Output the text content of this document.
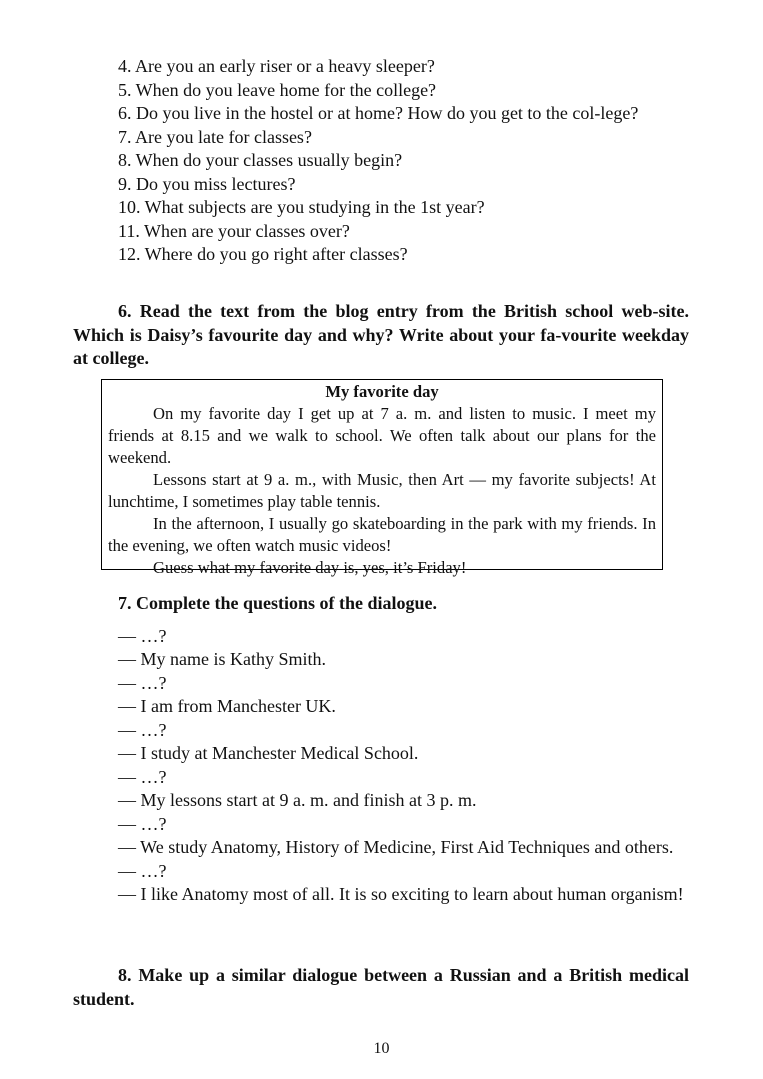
4. Are you an early riser or a heavy sleeper?

5. When do you leave home for the college?

6. Do you live in the hostel or at home? How do you get to the col-lege?

7. Are you late for classes?

8. When do your classes usually begin?

9. Do you miss lectures?

10. What subjects are you studying in the 1st year?

11. When are your classes over?

12. Where do you go right after classes?

6. Read the text from the blog entry from the British school web-site. Which is Daisy’s favourite day and why? Write about your fa-vourite weekday at college.

My favorite day

On my favorite day I get up at 7 a. m. and listen to music. I meet my friends at 8.15 and we walk to school. We often talk about our plans for the weekend.

Lessons start at 9 a. m., with Music, then Art — my favorite subjects! At lunchtime, I sometimes play table tennis.

In the afternoon, I usually go skateboarding in the park with my friends. In the evening, we often watch music videos!

Guess what my favorite day is, yes, it’s Friday!

7. Complete the questions of the dialogue.

— …?

— My name is Kathy Smith.

— …?

— I am from Manchester UK.

— …?

— I study at Manchester Medical School.

— …?

— My lessons start at 9 a. m. and finish at 3 p. m.

— …?

— We study Anatomy, History of Medicine, First Aid Techniques and others.

— …?

— I like Anatomy most of all. It is so exciting to learn about human organism!

8. Make up a similar dialogue between a Russian and a British medical student.

10
